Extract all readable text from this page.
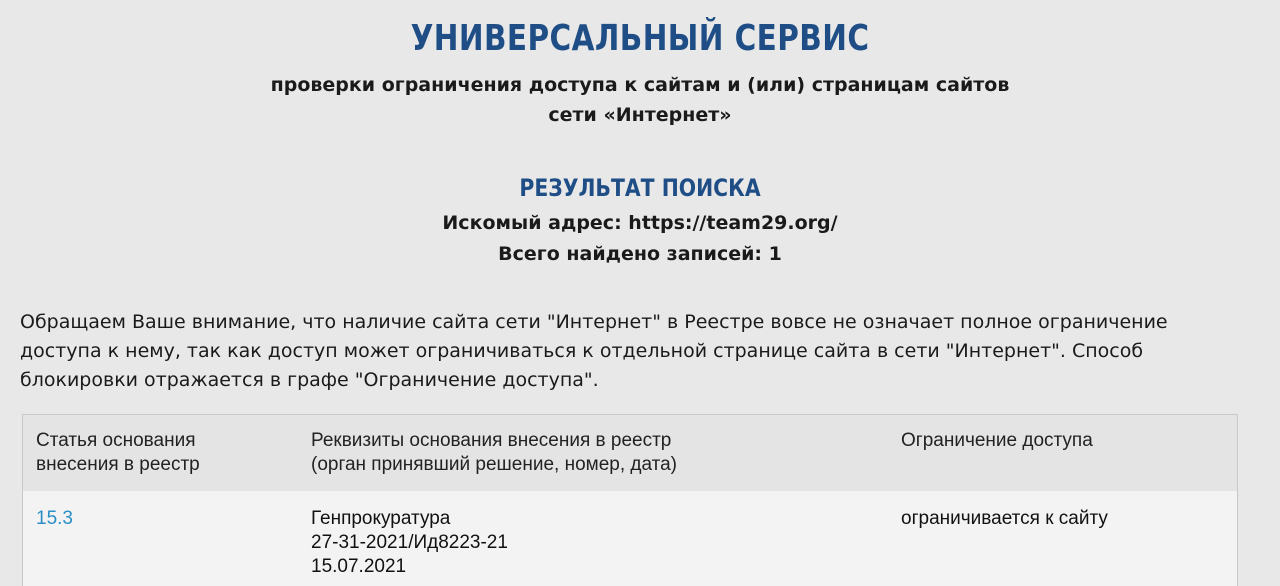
УНИВЕРСАЛЬНЫЙ СЕРВИС
проверки ограничения доступа к сайтам и (или) страницам сайтов
сети «Интернет»
РЕЗУЛЬТАТ ПОИСКА
Искомый адрес: https://team29.org/
Всего найдено записей: 1
Обращаем Ваше внимание, что наличие сайта сети "Интернет" в Реестре вовсе не означает полное ограничение доступа к нему, так как доступ может ограничиваться к отдельной странице сайта в сети "Интернет". Способ блокировки отражается в графе "Ограничение доступа".
Статья основания
внесения в реестр
Реквизиты основания внесения в реестр
(орган принявший решение, номер, дата)
Ограничение доступа
15.3	Генпрокуратура
27-31-2021/Ид8223-21
15.07.2021
ограничивается к сайту
